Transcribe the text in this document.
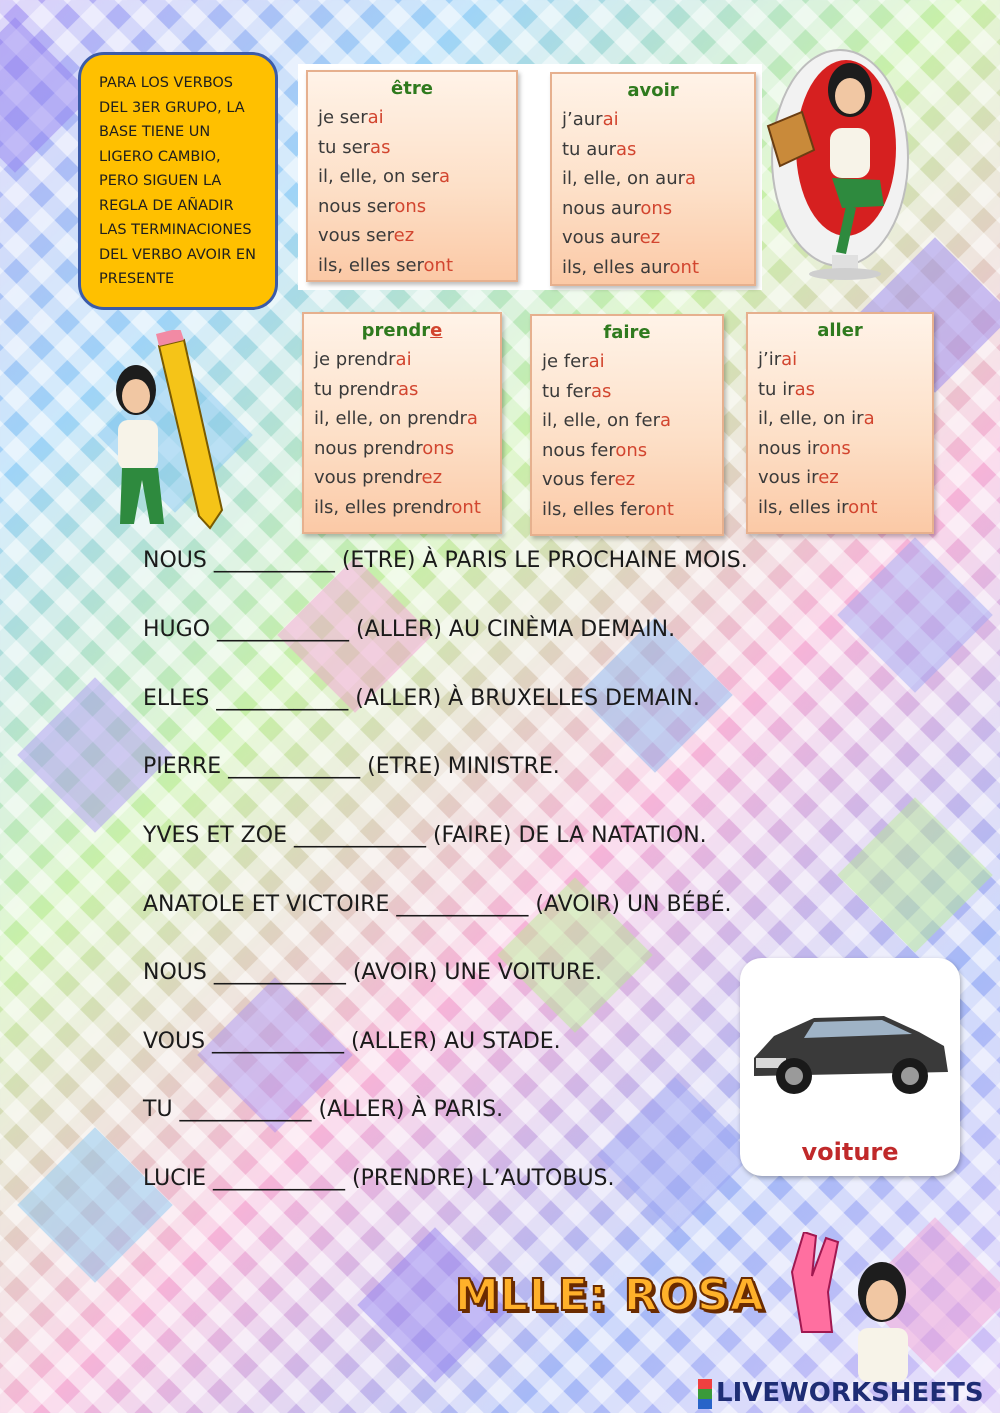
PARA LOS VERBOS
DEL 3ER GRUPO, LA
BASE TIENE UN
LIGERO CAMBIO,
PERO SIGUEN LA
REGLA DE AÑADIR
LAS TERMINACIONES
DEL VERBO AVOIR EN
PRESENTE
être
je serai
tu seras
il, elle, on sera
nous serons
vous serez
ils, elles seront
avoir
j’aurai
tu auras
il, elle, on aura
nous aurons
vous aurez
ils, elles auront
prendre
je prendrai
tu prendras
il, elle, on prendra
nous prendrons
vous prendrez
ils, elles prendront
faire
je ferai
tu feras
il, elle, on fera
nous ferons
vous ferez
ils, elles feront
aller
j’irai
tu iras
il, elle, on ira
nous irons
vous irez
ils, elles iront
NOUS ___________ (ETRE) À PARIS LE PROCHAINE MOIS.
HUGO ____________ (ALLER) AU CINÈMA DEMAIN.
ELLES ____________ (ALLER) À BRUXELLES DEMAIN.
PIERRE ____________ (ETRE) MINISTRE.
YVES ET ZOE ____________ (FAIRE) DE LA NATATION.
ANATOLE ET VICTOIRE ____________ (AVOIR) UN BÉBÉ.
NOUS ____________ (AVOIR) UNE VOITURE.
VOUS ____________ (ALLER) AU STADE.
TU ____________ (ALLER) À PARIS.
LUCIE ____________ (PRENDRE) L’AUTOBUS.
voiture
MLLE: ROSA
LIVEWORKSHEETS
